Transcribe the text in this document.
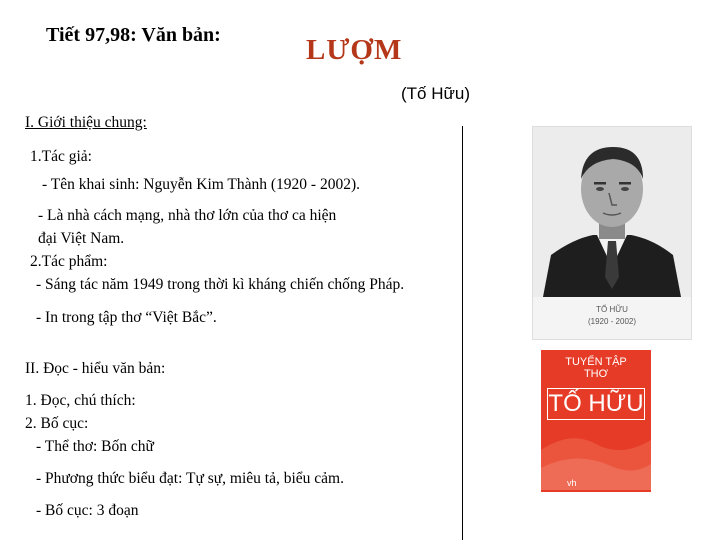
Tiết 97,98: Văn bản:	LƯỢM
(Tố Hữu)
I. Giới thiệu chung:
1.Tác giả:
- Tên khai sinh: Nguyễn Kim Thành (1920 - 2002).
- Là nhà cách mạng, nhà thơ lớn của thơ ca hiện
đại Việt Nam.
2.Tác phẩm:
- Sáng tác năm 1949 trong thời kì kháng chiến chống Pháp.
- In trong tập thơ “Việt Bắc”.
II. Đọc - hiểu văn bản:
1. Đọc, chú thích:
2. Bố cục:
- Thể thơ: Bốn chữ
- Phương thức biểu đạt: Tự sự, miêu tả, biểu cảm.
- Bố cục: 3 đoạn
TỐ HỮU
(1920 - 2002)
TUYỂN TẬP
THƠ
TỐ HỮU
vh
